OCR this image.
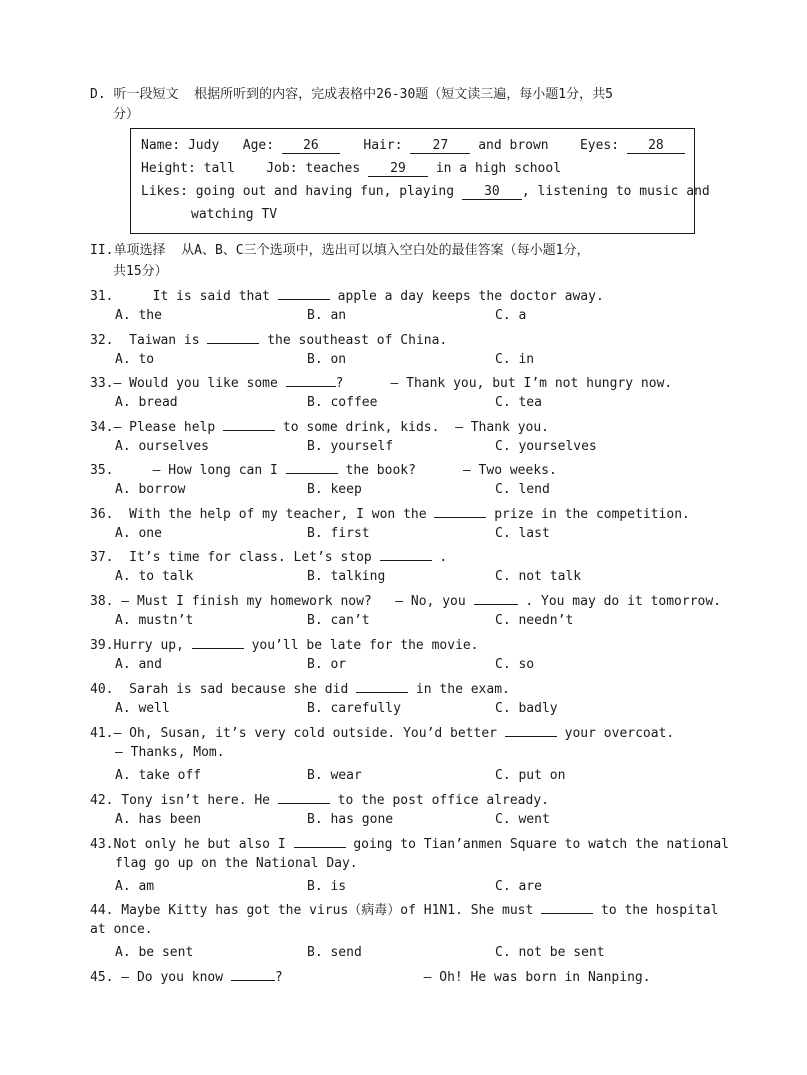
D. 听一段短文  根据所听到的内容，完成表格中26-30题（短文读三遍，每小题1分，共5
分）
Name: Judy Age: 26	Hair: 27 and brown Eyes: 28
Height: tall Job: teaches 29 in a high school
Likes: going out and having fun, playing 30 , listening to music and
watching TV
II.单项选择  从A、B、C三个选项中，选出可以填入空白处的最佳答案（每小题1分，
共15分）
31.     It is said that	apple a day keeps the doctor away.
A. the	B. an	C. a
32.  Taiwan is	the southeast of China.
A. to	B. on	C. in
33.— Would you like some	?      — Thank you, but I’m not hungry now.
A. bread	B. coffee	C. tea
34.— Please help	to some drink, kids.  — Thank you.
A. ourselves	B. yourself	C. yourselves
35.     — How long can I	the book?      — Two weeks.
A. borrow	B. keep	C. lend
36.  With the help of my teacher, I won the	prize in the competition.
A. one	B. first	C. last
37.  It’s time for class. Let’s stop	.
A. to talk	B. talking	C. not talk
38. — Must I finish my homework now?   — No, you	. You may do it tomorrow.
A. mustn’t	B. can’t	C. needn’t
39.Hurry up,	you’ll be late for the movie.
A. and	B. or	C. so
40.  Sarah is sad because she did	in the exam.
A. well	B. carefully	C. badly
41.— Oh, Susan, it’s very cold outside. You’d better	your overcoat.
— Thanks, Mom.
A. take off	B. wear	C. put on
42. Tony isn’t here. He	to the post office already.
A. has been	B. has gone	C. went
43.Not only he but also I	going to Tian’anmen Square to watch the national
flag go up on the National Day.
A. am	B. is	C. are
44. Maybe Kitty has got the virus（病毒）of H1N1. She must	to the hospital
at once.
A. be sent	B. send	C. not be sent
45. — Do you know	?                  — Oh! He was born in Nanping.
